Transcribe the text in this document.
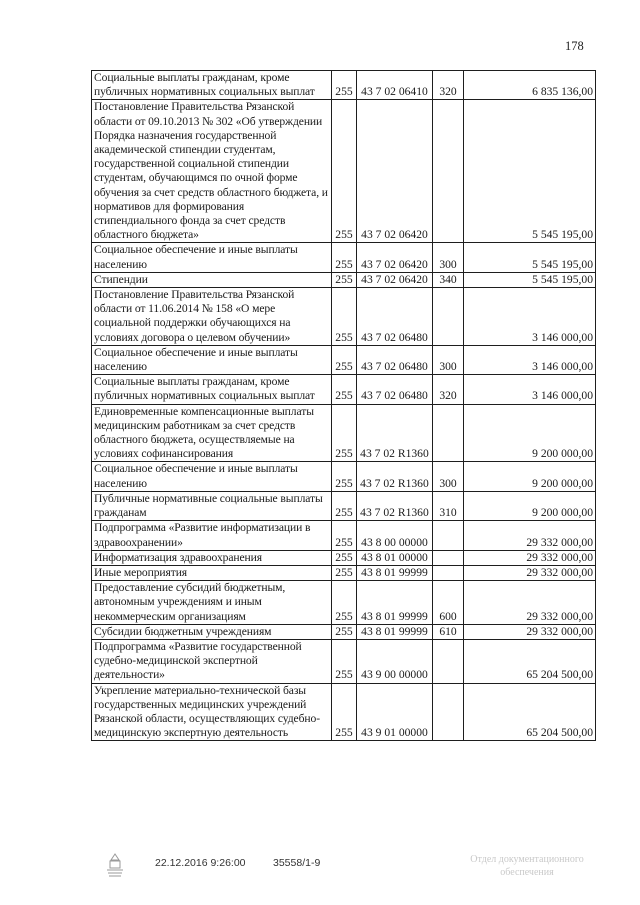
178
Социальные выплаты гражданам, кроме публичных нормативных социальных выплат	255	43 7 02 06410	320	6 835 136,00
Постановление Правительства Рязанской области от 09.10.2013 № 302 «Об утверждении Порядка назначения государственной академической стипендии студентам, государственной социальной стипендии студентам, обучающимся по очной форме обучения за счет средств областного бюджета, и нормативов для формирования стипендиального фонда за счет средств областного бюджета»	255	43 7 02 06420		5 545 195,00
Социальное обеспечение и иные выплаты населению	255	43 7 02 06420	300	5 545 195,00
Стипендии	255	43 7 02 06420	340	5 545 195,00
Постановление Правительства Рязанской области от 11.06.2014 № 158 «О мере социальной поддержки обучающихся на условиях договора о целевом обучении»	255	43 7 02 06480		3 146 000,00
Социальное обеспечение и иные выплаты населению	255	43 7 02 06480	300	3 146 000,00
Социальные выплаты гражданам, кроме публичных нормативных социальных выплат	255	43 7 02 06480	320	3 146 000,00
Единовременные компенсационные выплаты медицинским работникам за счет средств областного бюджета, осуществляемые на условиях софинансирования	255	43 7 02 R1360		9 200 000,00
Социальное обеспечение и иные выплаты населению	255	43 7 02 R1360	300	9 200 000,00
Публичные нормативные социальные выплаты гражданам	255	43 7 02 R1360	310	9 200 000,00
Подпрограмма «Развитие информатизации в здравоохранении»	255	43 8 00 00000		29 332 000,00
Информатизация здравоохранения	255	43 8 01 00000		29 332 000,00
Иные мероприятия	255	43 8 01 99999		29 332 000,00
Предоставление субсидий бюджетным, автономным учреждениям и иным некоммерческим организациям	255	43 8 01 99999	600	29 332 000,00
Субсидии бюджетным учреждениям	255	43 8 01 99999	610	29 332 000,00
Подпрограмма «Развитие государственной судебно-медицинской экспертной деятельности»	255	43 9 00 00000		65 204 500,00
Укрепление материально-технической базы государственных медицинских учреждений Рязанской области, осуществляющих судебно-медицинскую экспертную деятельность	255	43 9 01 00000		65 204 500,00
22.12.2016 9:26:00	35558/1-9	Отдел документационного обеспечения
